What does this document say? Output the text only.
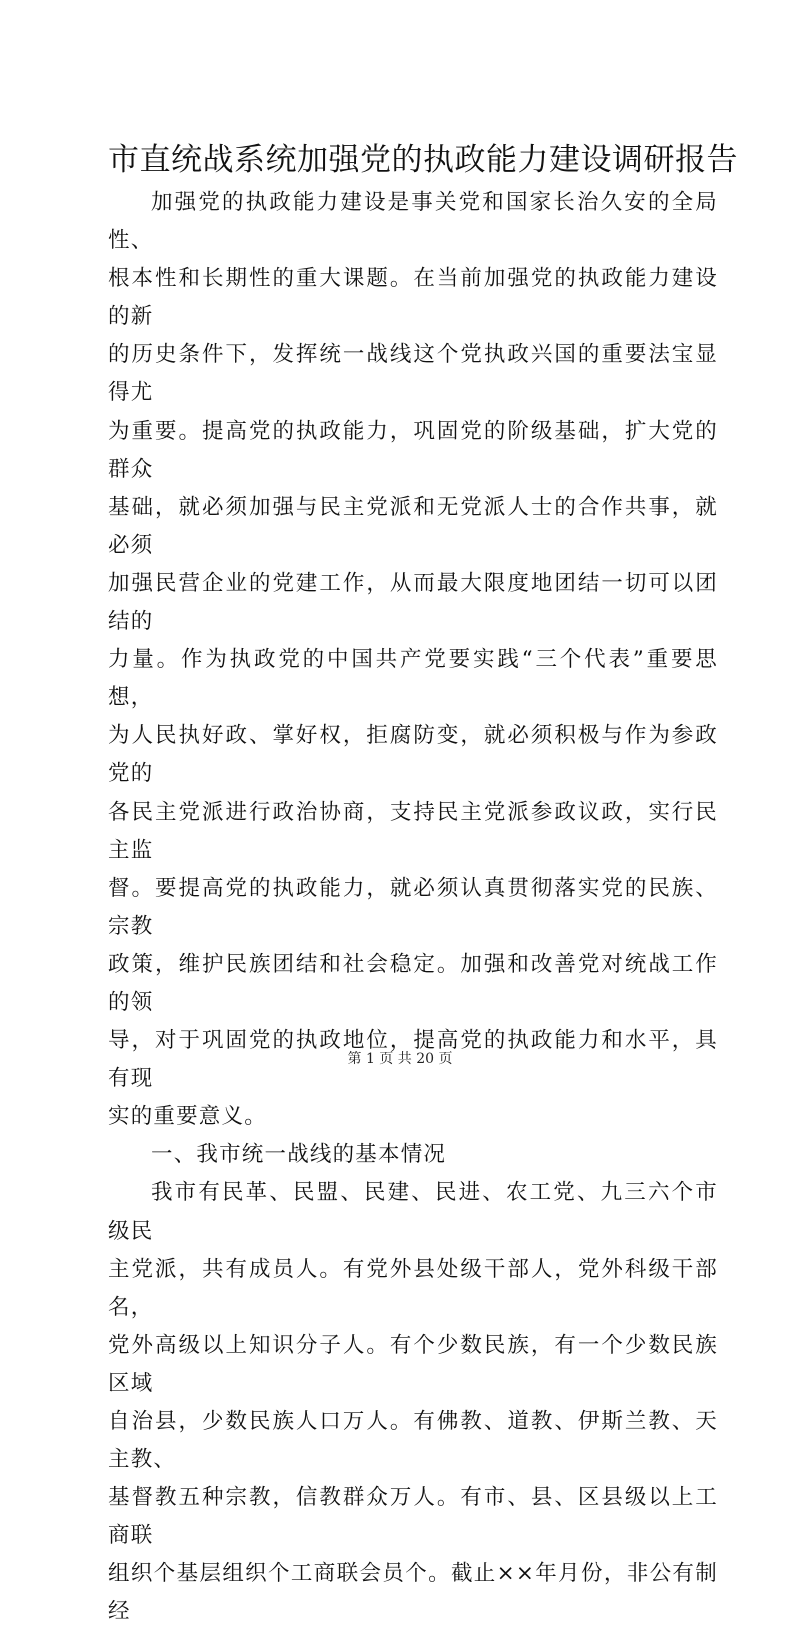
市直统战系统加强党的执政能力建设调研报告

加强党的执政能力建设是事关党和国家长治久安的全局性、
根本性和长期性的重大课题。在当前加强党的执政能力建设的新
的历史条件下，发挥统一战线这个党执政兴国的重要法宝显得尤
为重要。提高党的执政能力，巩固党的阶级基础，扩大党的群众
基础，就必须加强与民主党派和无党派人士的合作共事，就必须
加强民营企业的党建工作，从而最大限度地团结一切可以团结的
力量。作为执政党的中国共产党要实践“三个代表”重要思想，
为人民执好政、掌好权，拒腐防变，就必须积极与作为参政党的
各民主党派进行政治协商，支持民主党派参政议政，实行民主监
督。要提高党的执政能力，就必须认真贯彻落实党的民族、宗教
政策，维护民族团结和社会稳定。加强和改善党对统战工作的领
导，对于巩固党的执政地位，提高党的执政能力和水平，具有现
实的重要意义。

一、我市统一战线的基本情况

我市有民革、民盟、民建、民进、农工党、九三六个市级民
主党派，共有成员人。有党外县处级干部人，党外科级干部名，
党外高级以上知识分子人。有个少数民族，有一个少数民族区域
自治县，少数民族人口万人。有佛教、道教、伊斯兰教、天主教、
基督教五种宗教，信教群众万人。有市、县、区县级以上工商联
组织个基层组织个工商联会员个。截止××年月份，非公有制经

第 1 页 共 20 页
